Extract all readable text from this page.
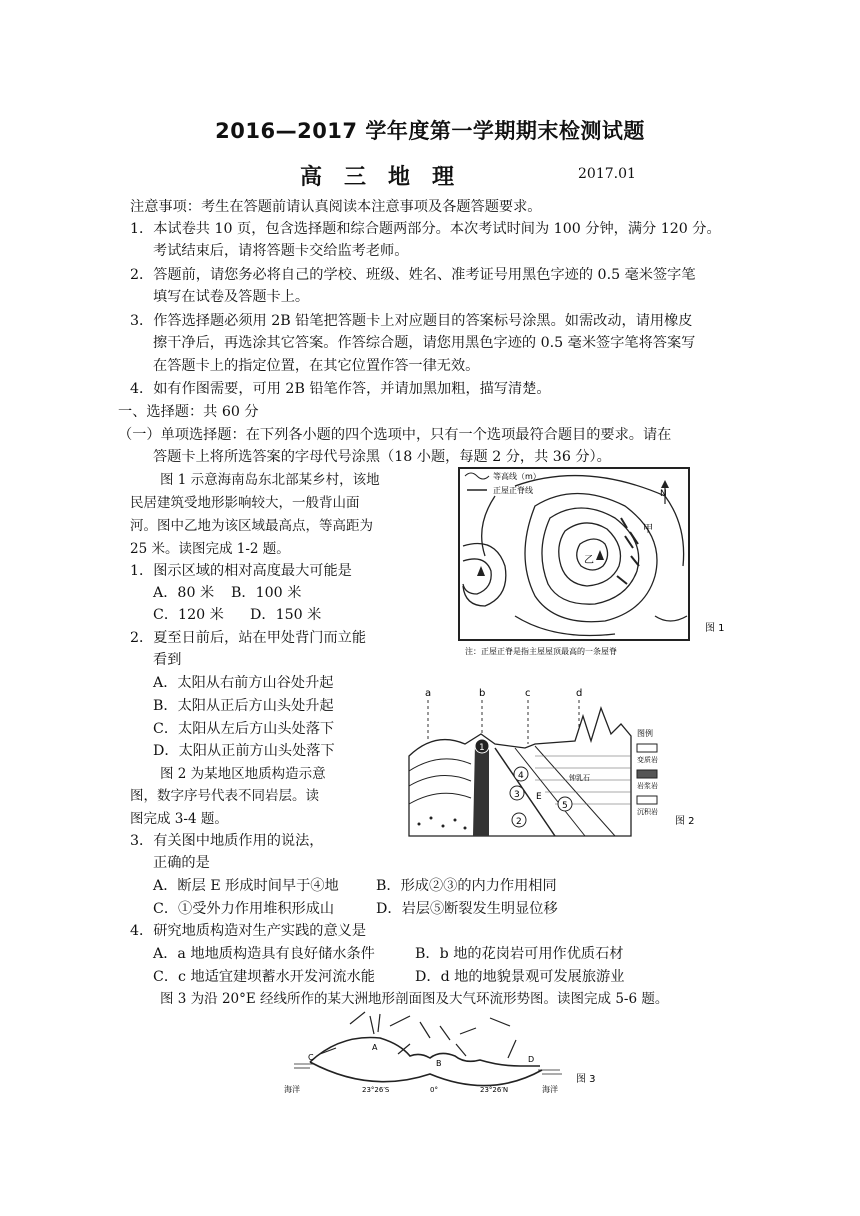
2016—2017 学年度第一学期期末检测试题
高三地理	2017.01
注意事项：考生在答题前请认真阅读本注意事项及各题答题要求。
1．本试卷共 10 页，包含选择题和综合题两部分。本次考试时间为 100 分钟，满分 120 分。
考试结束后，请将答题卡交给监考老师。
2．答题前，请您务必将自己的学校、班级、姓名、准考证号用黑色字迹的 0.5 毫米签字笔
填写在试卷及答题卡上。
3．作答选择题必须用 2B 铅笔把答题卡上对应题目的答案标号涂黑。如需改动，请用橡皮
擦干净后，再选涂其它答案。作答综合题，请您用黑色字迹的 0.5 毫米签字笔将答案写
在答题卡上的指定位置，在其它位置作答一律无效。
4．如有作图需要，可用 2B 铅笔作答，并请加黑加粗，描写清楚。
一、选择题：共 60 分
（一）单项选择题：在下列各小题的四个选项中，只有一个选项最符合题目的要求。请在
答题卡上将所选答案的字母代号涂黑（18 小题，每题 2 分，共 36 分）。
图 1 示意海南岛东北部某乡村，该地
民居建筑受地形影响较大，一般背山面
河。图中乙地为该区域最高点，等高距为
25 米。读图完成 1-2 题。
1．图示区域的相对高度最大可能是
A．80 米 B．100 米
C．120 米 D．150 米
2．夏至日前后，站在甲处背门而立能
看到
A．太阳从右前方山谷处升起
B．太阳从正后方山头处升起
C．太阳从左后方山头处落下
D．太阳从正前方山头处落下
图 2 为某地区地质构造示意
图，数字序号代表不同岩层。读
图完成 3-4 题。
3．有关图中地质作用的说法，
正确的是
A．断层 E 形成时间早于④地	B．形成②③的内力作用相同
C．①受外力作用堆积形成山	D．岩层⑤断裂发生明显位移
4．研究地质构造对生产实践的意义是
A．a 地地质构造具有良好储水条件	B．b 地的花岗岩可用作优质石材
C．c 地适宜建坝蓄水开发河流水能	D．d 地的地貌景观可发展旅游业
图 3 为沿 20°E 经线所作的某大洲地形剖面图及大气环流形势图。读图完成 5-6 题。
等高线（m）
正屋正脊线	N
乙
甲
图 1
注：正屋正脊是指主屋屋顶最高的一条屋脊
a	b	c	d
1
2
3
4
5
E
钟乳石
图例
变质岩
岩浆岩
沉积岩
图 2
C	D
A
B
海洋	23°26′S	0°	23°26′N	海洋
图 3
